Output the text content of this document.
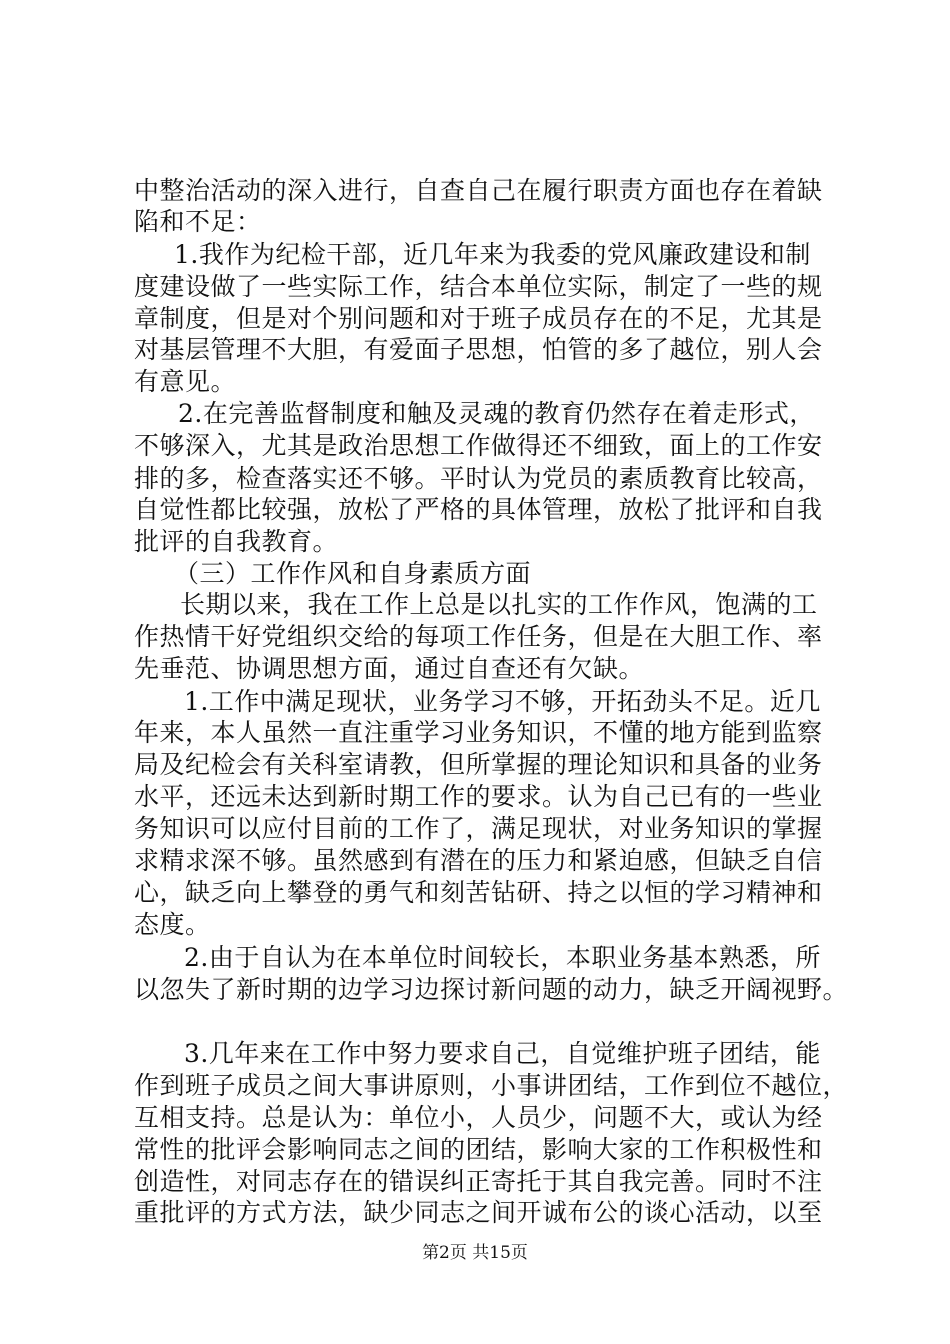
中整治活动的深入进行，自查自己在履行职责方面也存在着缺
陷和不足：
1.我作为纪检干部，近几年来为我委的党风廉政建设和制
度建设做了一些实际工作，结合本单位实际，制定了一些的规
章制度，但是对个别问题和对于班子成员存在的不足，尤其是
对基层管理不大胆，有爱面子思想，怕管的多了越位，别人会
有意见。
2.在完善监督制度和触及灵魂的教育仍然存在着走形式，
不够深入，尤其是政治思想工作做得还不细致，面上的工作安
排的多，检查落实还不够。平时认为党员的素质教育比较高，
自觉性都比较强，放松了严格的具体管理，放松了批评和自我
批评的自我教育。
（三）工作作风和自身素质方面
长期以来，我在工作上总是以扎实的工作作风，饱满的工
作热情干好党组织交给的每项工作任务，但是在大胆工作、率
先垂范、协调思想方面，通过自查还有欠缺。
1.工作中满足现状，业务学习不够，开拓劲头不足。近几
年来，本人虽然一直注重学习业务知识，不懂的地方能到监察
局及纪检会有关科室请教，但所掌握的理论知识和具备的业务
水平，还远未达到新时期工作的要求。认为自己已有的一些业
务知识可以应付目前的工作了，满足现状，对业务知识的掌握
求精求深不够。虽然感到有潜在的压力和紧迫感，但缺乏自信
心，缺乏向上攀登的勇气和刻苦钻研、持之以恒的学习精神和
态度。
2.由于自认为在本单位时间较长，本职业务基本熟悉，所
以忽失了新时期的边学习边探讨新问题的动力，缺乏开阔视野。
3.几年来在工作中努力要求自己，自觉维护班子团结，能
作到班子成员之间大事讲原则，小事讲团结，工作到位不越位，
互相支持。总是认为：单位小，人员少，问题不大，或认为经
常性的批评会影响同志之间的团结，影响大家的工作积极性和
创造性，对同志存在的错误纠正寄托于其自我完善。同时不注
重批评的方式方法，缺少同志之间开诚布公的谈心活动，以至
第2页 共15页
